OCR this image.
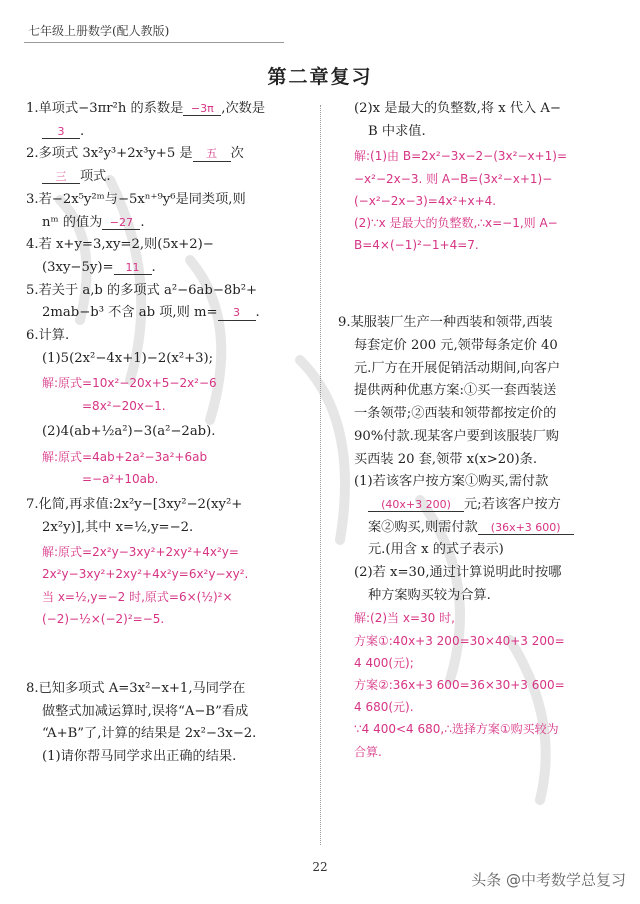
七年级上册数学(配人教版)
第二章复习
1.单项式−3πr²h 的系数是 −3π ,次数是
3 .
2.多项式 3x²y³+2x³y+5 是 五 次
三 项式.
3.若−2x⁵y²ᵐ与−5xⁿ⁺⁹y⁶是同类项,则
nᵐ 的值为 −27 .
4.若 x+y=3,xy=2,则(5x+2)−
(3xy−5y)= 11 .
5.若关于 a,b 的多项式 a²−6ab−8b²+
2mab−b³ 不含 ab 项,则 m= 3 .
6.计算.
(1)5(2x²−4x+1)−2(x²+3);
解:原式=10x²−20x+5−2x²−6
=8x²−20x−1.
(2)4(ab+½a²)−3(a²−2ab).
解:原式=4ab+2a²−3a²+6ab
=−a²+10ab.
7.化简,再求值:2x²y−[3xy²−2(xy²+
2x²y)],其中 x=½,y=−2.
解:原式=2x²y−3xy²+2xy²+4x²y=
2x²y−3xy²+2xy²+4x²y=6x²y−xy².
当 x=½,y=−2 时,原式=6×(½)²×
(−2)−½×(−2)²=−5.
8.已知多项式 A=3x²−x+1,马同学在
做整式加减运算时,误将“A−B”看成
“A+B”了,计算的结果是 2x²−3x−2.
(1)请你帮马同学求出正确的结果.
(2)x 是最大的负整数,将 x 代入 A−
B 中求值.
解:(1)由 B=2x²−3x−2−(3x²−x+1)=
−x²−2x−3. 则 A−B=(3x²−x+1)−
(−x²−2x−3)=4x²+x+4.
(2)∵x 是最大的负整数,∴x=−1,则 A−
B=4×(−1)²−1+4=7.
9.某服装厂生产一种西装和领带,西装
每套定价 200 元,领带每条定价 40
元.厂方在开展促销活动期间,向客户
提供两种优惠方案:①买一套西装送
一条领带;②西装和领带都按定价的
90%付款.现某客户要到该服装厂购
买西装 20 套,领带 x(x>20)条.
(1)若该客户按方案①购买,需付款
(40x+3 200) 元;若该客户按方
案②购买,则需付款 (36x+3 600)
元.(用含 x 的式子表示)
(2)若 x=30,通过计算说明此时按哪
种方案购买较为合算.
解:(2)当 x=30 时,
方案①:40x+3 200=30×40+3 200=
4 400(元);
方案②:36x+3 600=36×30+3 600=
4 680(元).
∵4 400<4 680,∴选择方案①购买较为
合算.
22
头条 @中考数学总复习
